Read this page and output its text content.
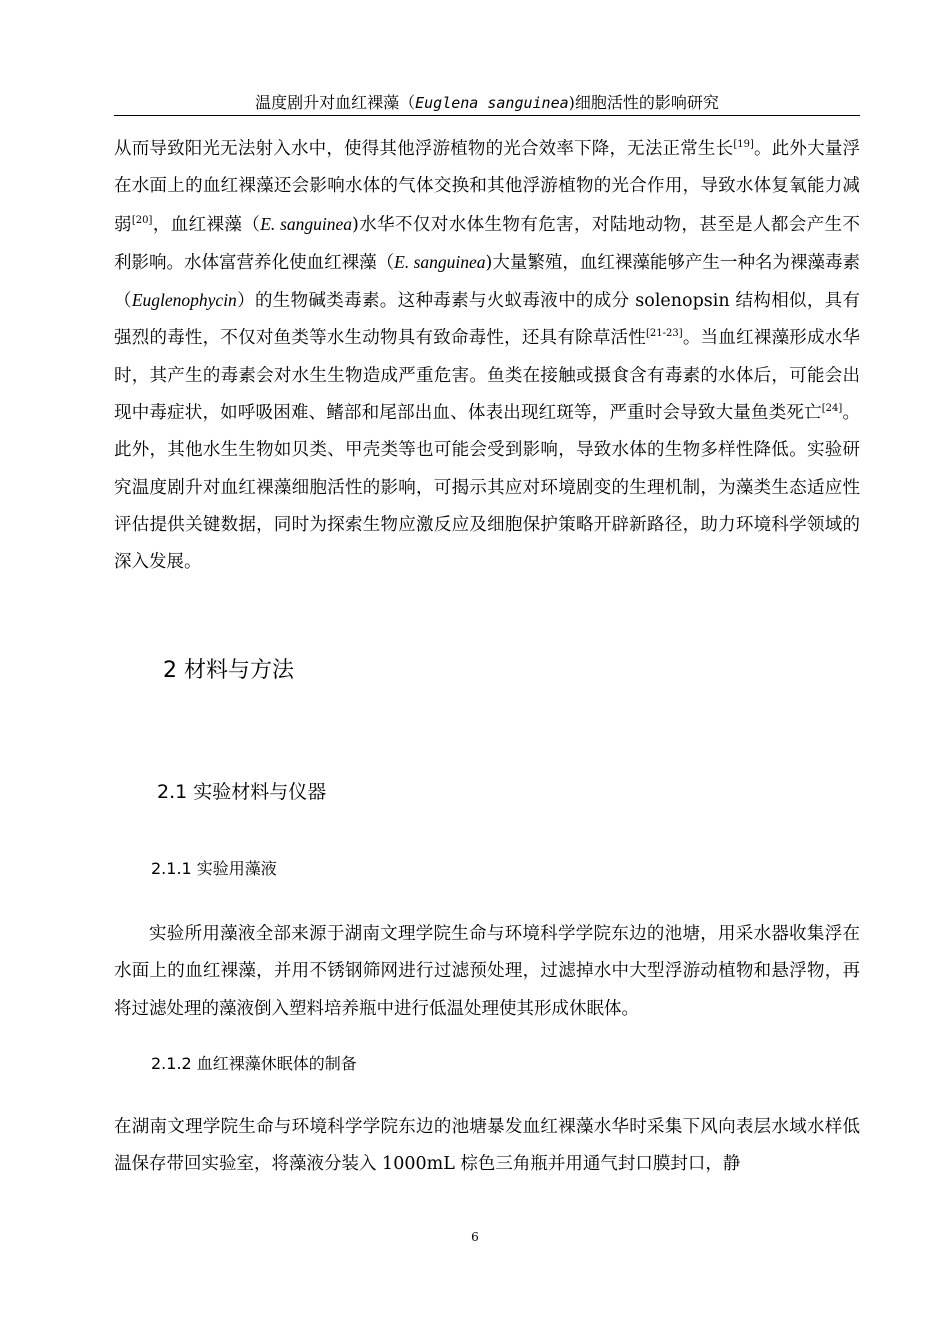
温度剧升对血红裸藻（Euglena sanguinea)细胞活性的影响研究

从而导致阳光无法射入水中，使得其他浮游植物的光合效率下降，无法正常生长[19]。此外大量浮在水面上的血红裸藻还会影响水体的气体交换和其他浮游植物的光合作用，导致水体复氧能力减弱[20]，血红裸藻（E. sanguinea)水华不仅对水体生物有危害，对陆地动物，甚至是人都会产生不利影响。水体富营养化使血红裸藻（E. sanguinea)大量繁殖，血红裸藻能够产生一种名为裸藻毒素（Euglenophycin）的生物碱类毒素。这种毒素与火蚁毒液中的成分 solenopsin 结构相似，具有强烈的毒性，不仅对鱼类等水生动物具有致命毒性，还具有除草活性[21-23]。当血红裸藻形成水华时，其产生的毒素会对水生生物造成严重危害。鱼类在接触或摄食含有毒素的水体后，可能会出现中毒症状，如呼吸困难、鳍部和尾部出血、体表出现红斑等，严重时会导致大量鱼类死亡[24]。此外，其他水生生物如贝类、甲壳类等也可能会受到影响，导致水体的生物多样性降低。实验研究温度剧升对血红裸藻细胞活性的影响，可揭示其应对环境剧变的生理机制，为藻类生态适应性评估提供关键数据，同时为探索生物应激反应及细胞保护策略开辟新路径，助力环境科学领域的深入发展。

2 材料与方法
2.1 实验材料与仪器
2.1.1 实验用藻液

实验所用藻液全部来源于湖南文理学院生命与环境科学学院东边的池塘，用采水器收集浮在水面上的血红裸藻，并用不锈钢筛网进行过滤预处理，过滤掉水中大型浮游动植物和悬浮物，再将过滤处理的藻液倒入塑料培养瓶中进行低温处理使其形成休眠体。

2.1.2 血红裸藻休眠体的制备

在湖南文理学院生命与环境科学学院东边的池塘暴发血红裸藻水华时采集下风向表层水域水样低温保存带回实验室，将藻液分装入 1000mL 棕色三角瓶并用通气封口膜封口，静

6
